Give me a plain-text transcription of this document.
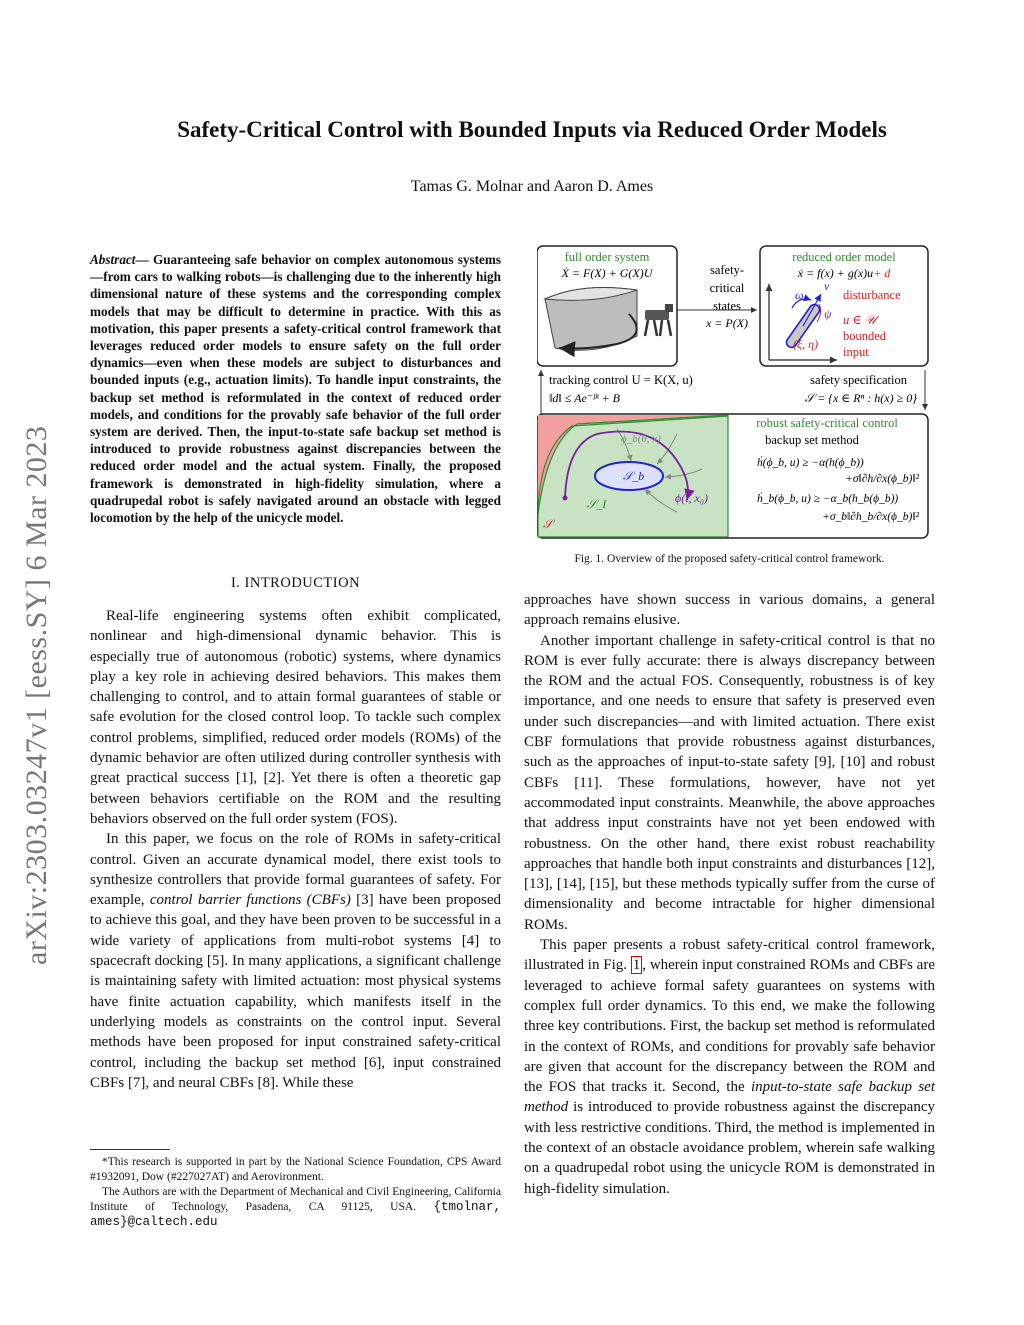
arXiv:2303.03247v1 [eess.SY] 6 Mar 2023
Safety-Critical Control with Bounded Inputs via Reduced Order Models
Tamas G. Molnar and Aaron D. Ames
Abstract— Guaranteeing safe behavior on complex autonomous systems—from cars to walking robots—is challenging due to the inherently high dimensional nature of these systems and the corresponding complex models that may be difficult to determine in practice. With this as motivation, this paper presents a safety-critical control framework that leverages reduced order models to ensure safety on the full order dynamics—even when these models are subject to disturbances and bounded inputs (e.g., actuation limits). To handle input constraints, the backup set method is reformulated in the context of reduced order models, and conditions for the provably safe behavior of the full order system are derived. Then, the input-to-state safe backup set method is introduced to provide robustness against discrepancies between the reduced order model and the actual system. Finally, the proposed framework is demonstrated in high-fidelity simulation, where a quadrupedal robot is safely navigated around an obstacle with legged locomotion by the help of the unicycle model.
I. INTRODUCTION

Real-life engineering systems often exhibit complicated, nonlinear and high-dimensional dynamic behavior. This is especially true of autonomous (robotic) systems, where dynamics play a key role in achieving desired behaviors. This makes them challenging to control, and to attain formal guarantees of stable or safe evolution for the closed control loop. To tackle such complex control problems, simplified, reduced order models (ROMs) of the dynamic behavior are often utilized during controller synthesis with great practical success [1], [2]. Yet there is often a theoretic gap between behaviors certifiable on the ROM and the resulting behaviors observed on the full order system (FOS).

In this paper, we focus on the role of ROMs in safety-critical control. Given an accurate dynamical model, there exist tools to synthesize controllers that provide formal guarantees of safety. For example, control barrier functions (CBFs) [3] have been proposed to achieve this goal, and they have been proven to be successful in a wide variety of applications from multi-robot systems [4] to spacecraft docking [5]. In many applications, a significant challenge is maintaining safety with limited actuation: most physical systems have finite actuation capability, which manifests itself in the underlying models as constraints on the control input. Several methods have been proposed for input constrained safety-critical control, including the backup set method [6], input constrained CBFs [7], and neural CBFs [8]. While these

*This research is supported in part by the National Science Foundation, CPS Award #1932091, Dow (#227027AT) and Aerovironment.

The Authors are with the Department of Mechanical and Civil Engineering, California Institute of Technology, Pasadena, CA 91125, USA. {tmolnar, ames}@caltech.edu

full order system
Ẋ = F(X) + G(X)U	safety-
critical
states
x = P(X)
reduced order model
ẋ = f(x) + g(x)u+ d
disturbance
ω
v
ψ
(ξ, η)
u ∈ 𝒰
bounded
input
tracking control U = K(X, u)
‖d‖ ≤ Ae⁻ᵝᵗ + B
safety specification
𝒮 = {x ∈ Rⁿ : h(x) ≥ 0}
ϕ_b(θ, x)
𝒮_b
𝒮_I
𝒮
ϕ(t, x₀)
robust safety-critical control
backup set method
ḣ(ϕ_b, u) ≥ −α(h(ϕ_b))
+σ‖∂h/∂x(ϕ_b)‖²
ḣ_b(ϕ_b, u) ≥ −α_b(h_b(ϕ_b))
+σ_b‖∂h_b/∂x(ϕ_b)‖²
Fig. 1. Overview of the proposed safety-critical control framework.

approaches have shown success in various domains, a general approach remains elusive.

Another important challenge in safety-critical control is that no ROM is ever fully accurate: there is always discrepancy between the ROM and the actual FOS. Consequently, robustness is of key importance, and one needs to ensure that safety is preserved even under such discrepancies—and with limited actuation. There exist CBF formulations that provide robustness against disturbances, such as the approaches of input-to-state safety [9], [10] and robust CBFs [11]. These formulations, however, have not yet accommodated input constraints. Meanwhile, the above approaches that address input constraints have not yet been endowed with robustness. On the other hand, there exist robust reachability approaches that handle both input constraints and disturbances [12], [13], [14], [15], but these methods typically suffer from the curse of dimensionality and become intractable for higher dimensional ROMs.

This paper presents a robust safety-critical control framework, illustrated in Fig. 1 , wherein input constrained ROMs and CBFs are leveraged to achieve formal safety guarantees on systems with complex full order dynamics. To this end, we make the following three key contributions. First, the backup set method is reformulated in the context of ROMs, and conditions for provably safe behavior are given that account for the discrepancy between the ROM and the FOS that tracks it. Second, the input-to-state safe backup set method is introduced to provide robustness against the discrepancy with less restrictive conditions. Third, the method is implemented in the context of an obstacle avoidance problem, wherein safe walking on a quadrupedal robot using the unicycle ROM is demonstrated in high-fidelity simulation.
